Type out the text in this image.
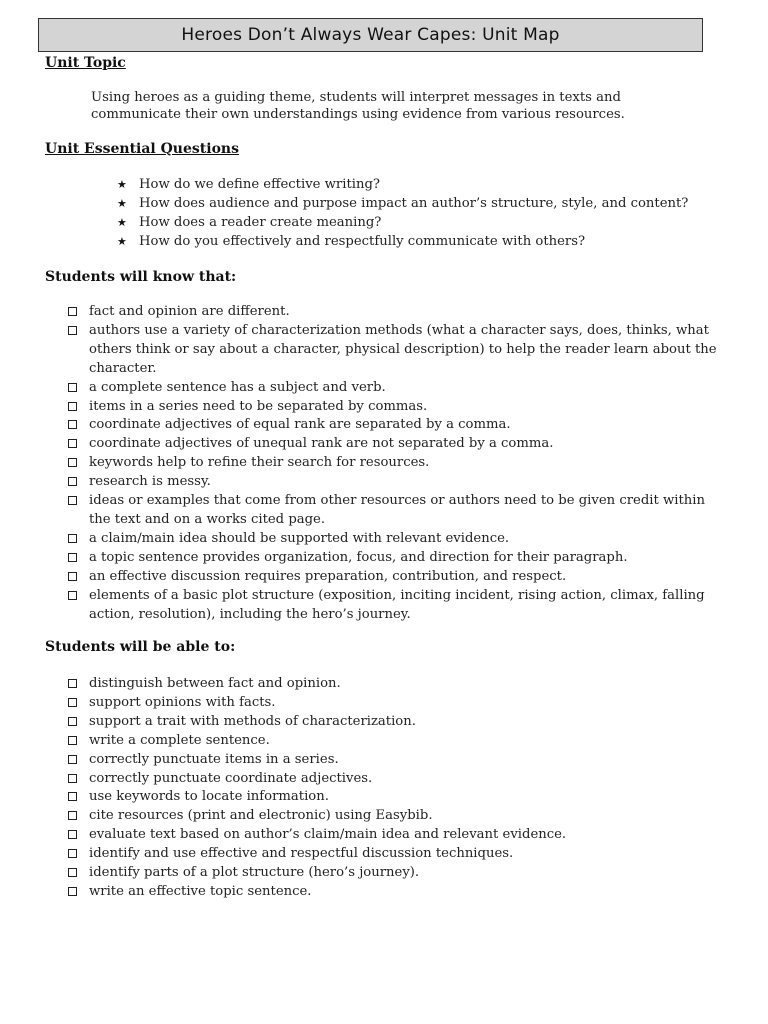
Heroes Don’t Always Wear Capes: Unit Map
Unit Topic
Using heroes as a guiding theme, students will interpret messages in texts and communicate their own understandings using evidence from various resources.
Unit Essential Questions
★ How do we define effective writing?
★ How does audience and purpose impact an author’s structure, style, and content?
★ How does a reader create meaning?
★ How do you effectively and respectfully communicate with others?
Students will know that:
fact and opinion are different.
authors use a variety of characterization methods (what a character says, does, thinks, what others think or say about a character, physical description) to help the reader learn about the character.
a complete sentence has a subject and verb.
items in a series need to be separated by commas.
coordinate adjectives of equal rank are separated by a comma.
coordinate adjectives of unequal rank are not separated by a comma.
keywords help to refine their search for resources.
research is messy.
ideas or examples that come from other resources or authors need to be given credit within the text and on a works cited page.
a claim/main idea should be supported with relevant evidence.
a topic sentence provides organization, focus, and direction for their paragraph.
an effective discussion requires preparation, contribution, and respect.
elements of a basic plot structure (exposition, inciting incident, rising action, climax, falling action, resolution), including the hero’s journey.
Students will be able to:
distinguish between fact and opinion.
support opinions with facts.
support a trait with methods of characterization.
write a complete sentence.
correctly punctuate items in a series.
correctly punctuate coordinate adjectives.
use keywords to locate information.
cite resources (print and electronic) using Easybib.
evaluate text based on author’s claim/main idea and relevant evidence.
identify and use effective and respectful discussion techniques.
identify parts of a plot structure (hero’s journey).
write an effective topic sentence.
